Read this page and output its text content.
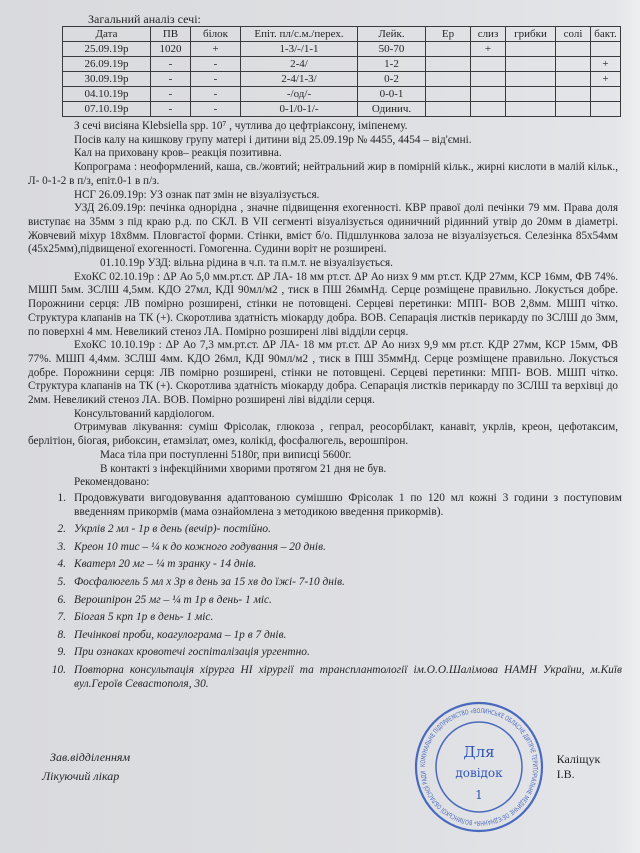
Загальний аналіз сечі:
Дата	ПВ	білок	Епіт. пл/с.м./перех.	Лейк.	Ер	слиз	грибки	солі	бакт.
25.09.19р	1020	+	1-3/-/1-1	50-70		+			
26.09.19р	-	-	2-4/	1-2					+
30.09.19р	-	-	2-4/1-3/	0-2					+
04.10.19р	-	-	-/од/-	0-0-1					
07.10.19р	-	-	0-1/0-1/-	Одинич.					

З сечі висіяна Klebsiella spp. 10⁷ , чутлива до цефтріаксону, іміпенему.

Посів калу на кишкову групу матері і дитини від 25.09.19р № 4455, 4454 – від'ємні.

Кал на приховану кров– реакція позитивна.

Копрограма : неоформлений, каша, св./жовтий; нейтральний жир в помірній кільк., жирні кислоти в малій кільк., Л- 0-1-2 в п/з, епіт.0-1 в п/з.

НСГ 26.09.19р: УЗ ознак пат змін не візуалізується.

УЗД 26.09.19р: печінка однорідна , значне підвищення ехогенності. КВР правої долі печінки 79 мм. Права доля виступає на 35мм з під краю р.д. по СКЛ. В VII сегменті візуалізується одиничний рідинний утвір до 20мм в діаметрі. Жовчевий міхур 18х8мм. Пловгастої форми. Стінки, вміст б/о. Підшлункова залоза не візуалізується. Селезінка 85х54мм (45х25мм),підвищеної ехогенності. Гомогенна. Судини воріт не розширені.

01.10.19р УЗД: вільна рідина в ч.п. та п.м.т. не візуалізується.

ЕхоКС 02.10.19р : ΔР Ао 5,0 мм.рт.ст. ΔР ЛА- 18 мм рт.ст. ΔР Ао низх 9 мм рт.ст. КДР 27мм, КСР 16мм, ФВ 74%. МШП 5мм. ЗСЛШ 4,5мм. КДО 27мл, КДІ 90мл/м2 , тиск в ПШ 26ммНд. Серце розміщене правильно. Локусться добре. Порожнини серця: ЛВ помірно розширені, стінки не потовщені. Серцеві перетинки: МПП- ВОВ 2,8мм. МШП чітко. Структура клапанів на ТК (+). Скоротлива здатність міокарду добра. ВОВ. Сепарація листків перикарду по ЗСЛШ до 3мм, по поверхні 4 мм. Невеликий стеноз ЛА. Помірно розширені ліві відділи серця.

ЕхоКС 10.10.19р : ΔР Ао 7,3 мм.рт.ст. ΔР ЛА- 18 мм рт.ст. ΔР Ао низх 9,9 мм рт.ст. КДР 27мм, КСР 15мм, ФВ 77%. МШП 4,4мм. ЗСЛШ 4мм. КДО 26мл, КДІ 90мл/м2 , тиск в ПШ 35ммНд. Серце розміщене правильно. Локусться добре. Порожнини серця: ЛВ помірно розширені, стінки не потовщені. Серцеві перетинки: МПП- ВОВ. МШП чітко. Структура клапанів на ТК (+). Скоротлива здатність міокарду добра. Сепарація листків перикарду по ЗСЛШ та верхівці до 2мм. Невеликий стеноз ЛА. ВОВ. Помірно розширені ліві відділи серця.

Консультований кардіологом.

Отримував лікування: суміш Фрісолак, глюкоза , гепрал, реосорбілакт, канавіт, укрлів, креон, цефотаксим, берлітіон, біогая, рибоксин, етамзілат, омез, колікід, фосфалюгель, верошпірон.

Маса тіла при поступленні 5180г, при виписці 5600г.

В контакті з інфекційними хворими протягом 21 дня не був.

Рекомендовано:

1. Продовжувати вигодовування адаптованою сумішшю Фрісолак 1 по 120 мл кожні 3 години з поступовим введенням прикормів (мама ознайомлена з методикою введення прикормів).
2. Укрлів 2 мл - 1р в день (вечір)- постійно.
3. Креон 10 тис – ¼ к до кожного годування – 20 днів.
4. Кватерл 20 мг – ¼ т зранку - 14 днів.
5. Фосфалюгель 5 мл х 3р в день за 15 хв до їжі- 7-10 днів.
6. Верошпірон 25 мг – ¼ т 1р в день- 1 міс.
7. Біогая 5 крп 1р в день- 1 міс.
8. Печінкові проби, коагулограма – 1р в 7 днів.
9. При ознаках кровотечі госпіталізація ургентно.
10. Повторна консультація хірурга НІ хірургії та трансплантології ім.О.О.Шалімова НАМН України, м.Київ вул.Героїв Севастополя, 30.
Зав.відділенням
Лікуючий лікар
КОМУНАЛЬНЕ ПІДПРИЄМСТВО «ВОЛИНСЬКЕ ОБЛАСНЕ ДИТЯЧЕ ТЕРИТОРІАЛЬНЕ МЕДИЧНЕ ОБ'ЄДНАННЯ» ВОЛИНСЬКОЇ ОБЛАСНОЇ РАДИ
Для
довідок
1
Каліщук І.В.
